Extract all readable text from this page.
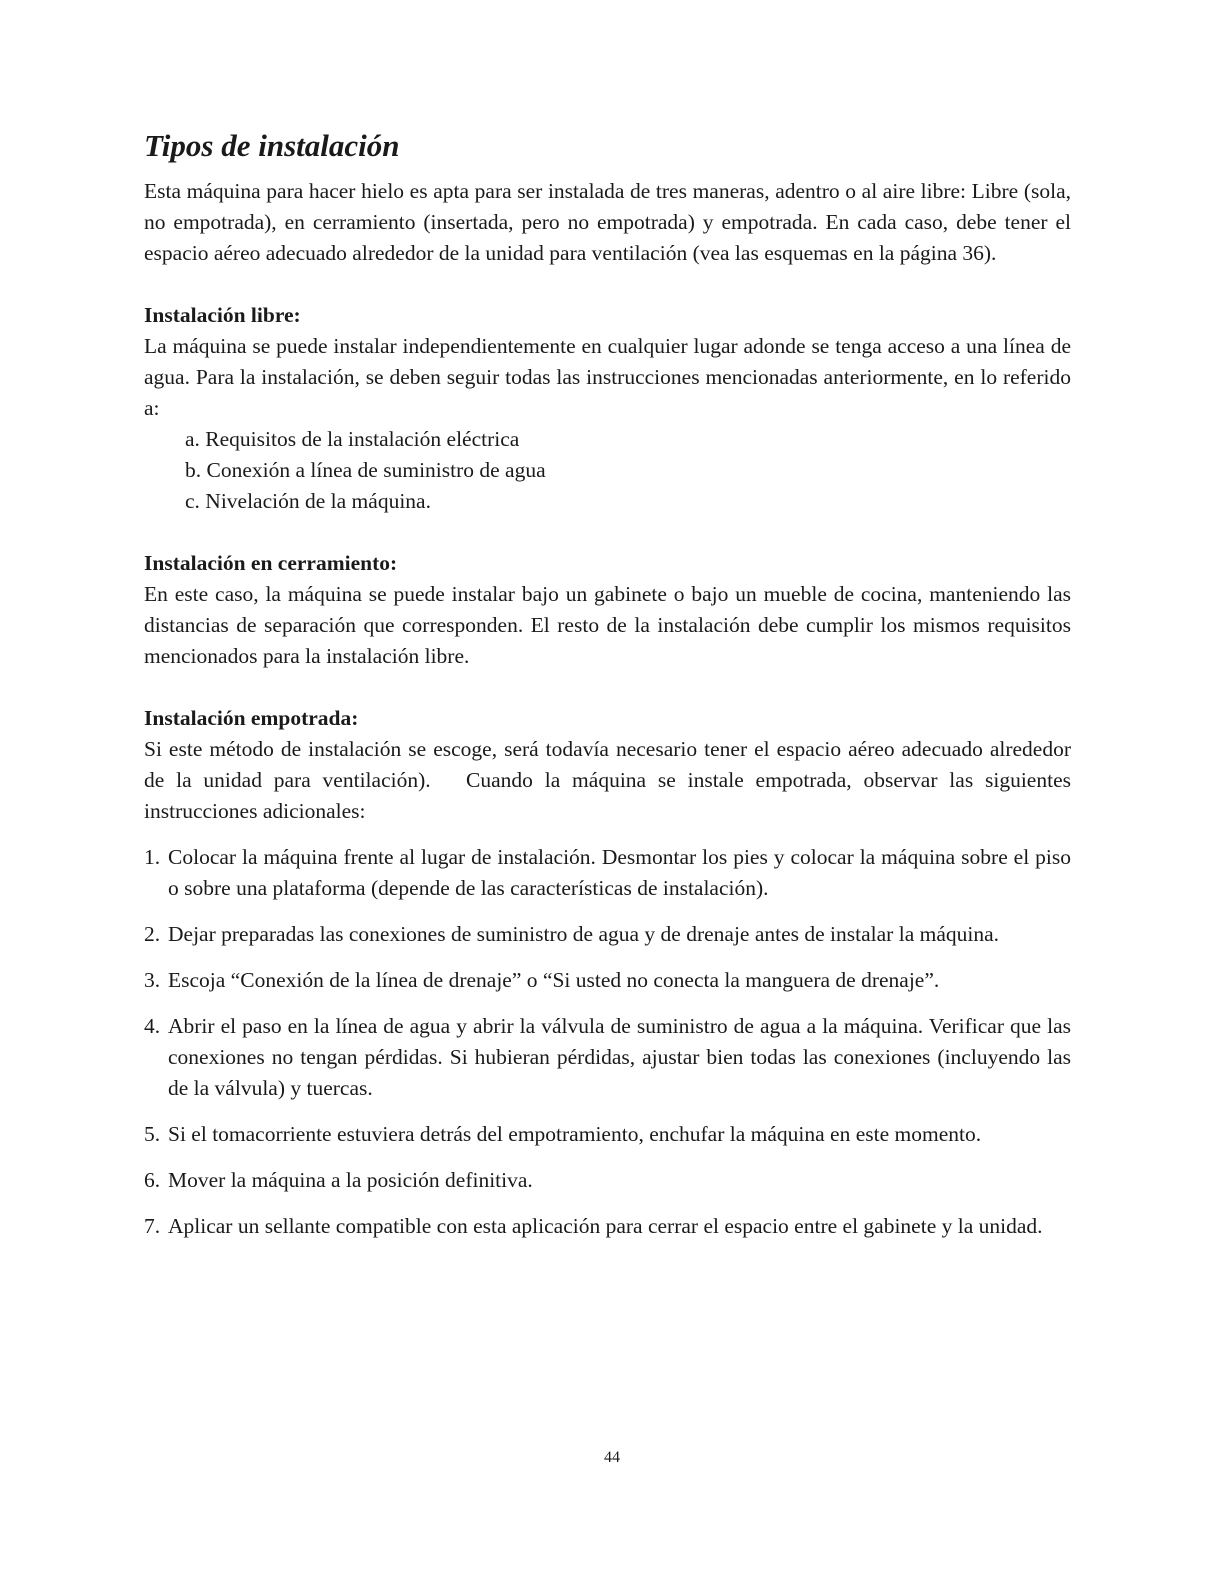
Tipos de instalación

Esta máquina para hacer hielo es apta para ser instalada de tres maneras, adentro o al aire libre: Libre (sola, no empotrada), en cerramiento (insertada, pero no empotrada) y empotrada. En cada caso, debe tener el espacio aéreo adecuado alrededor de la unidad para ventilación (vea las esquemas en la página 36).

Instalación libre:

La máquina se puede instalar independientemente en cualquier lugar adonde se tenga acceso a una línea de agua. Para la instalación, se deben seguir todas las instrucciones mencionadas anteriormente, en lo referido a:

a. Requisitos de la instalación eléctrica
b. Conexión a línea de suministro de agua
c. Nivelación de la máquina.

Instalación en cerramiento:

En este caso, la máquina se puede instalar bajo un gabinete o bajo un mueble de cocina, manteniendo las distancias de separación que corresponden. El resto de la instalación debe cumplir los mismos requisitos mencionados para la instalación libre.

Instalación empotrada:

Si este método de instalación se escoge, será todavía necesario tener el espacio aéreo adecuado alrededor de la unidad para ventilación).   Cuando la máquina se instale empotrada, observar las siguientes instrucciones adicionales:

1. Colocar la máquina frente al lugar de instalación. Desmontar los pies y colocar la máquina sobre el piso o sobre una plataforma (depende de las características de instalación).
2. Dejar preparadas las conexiones de suministro de agua y de drenaje antes de instalar la máquina.
3. Escoja “Conexión de la línea de drenaje” o “Si usted no conecta la manguera de drenaje”.
4. Abrir el paso en la línea de agua y abrir la válvula de suministro de agua a la máquina. Verificar que las conexiones no tengan pérdidas. Si hubieran pérdidas, ajustar bien todas las conexiones (incluyendo las de la válvula) y tuercas.
5. Si el tomacorriente estuviera detrás del empotramiento, enchufar la máquina en este momento.
6. Mover la máquina a la posición definitiva.
7. Aplicar un sellante compatible con esta aplicación para cerrar el espacio entre el gabinete y la unidad.
44
